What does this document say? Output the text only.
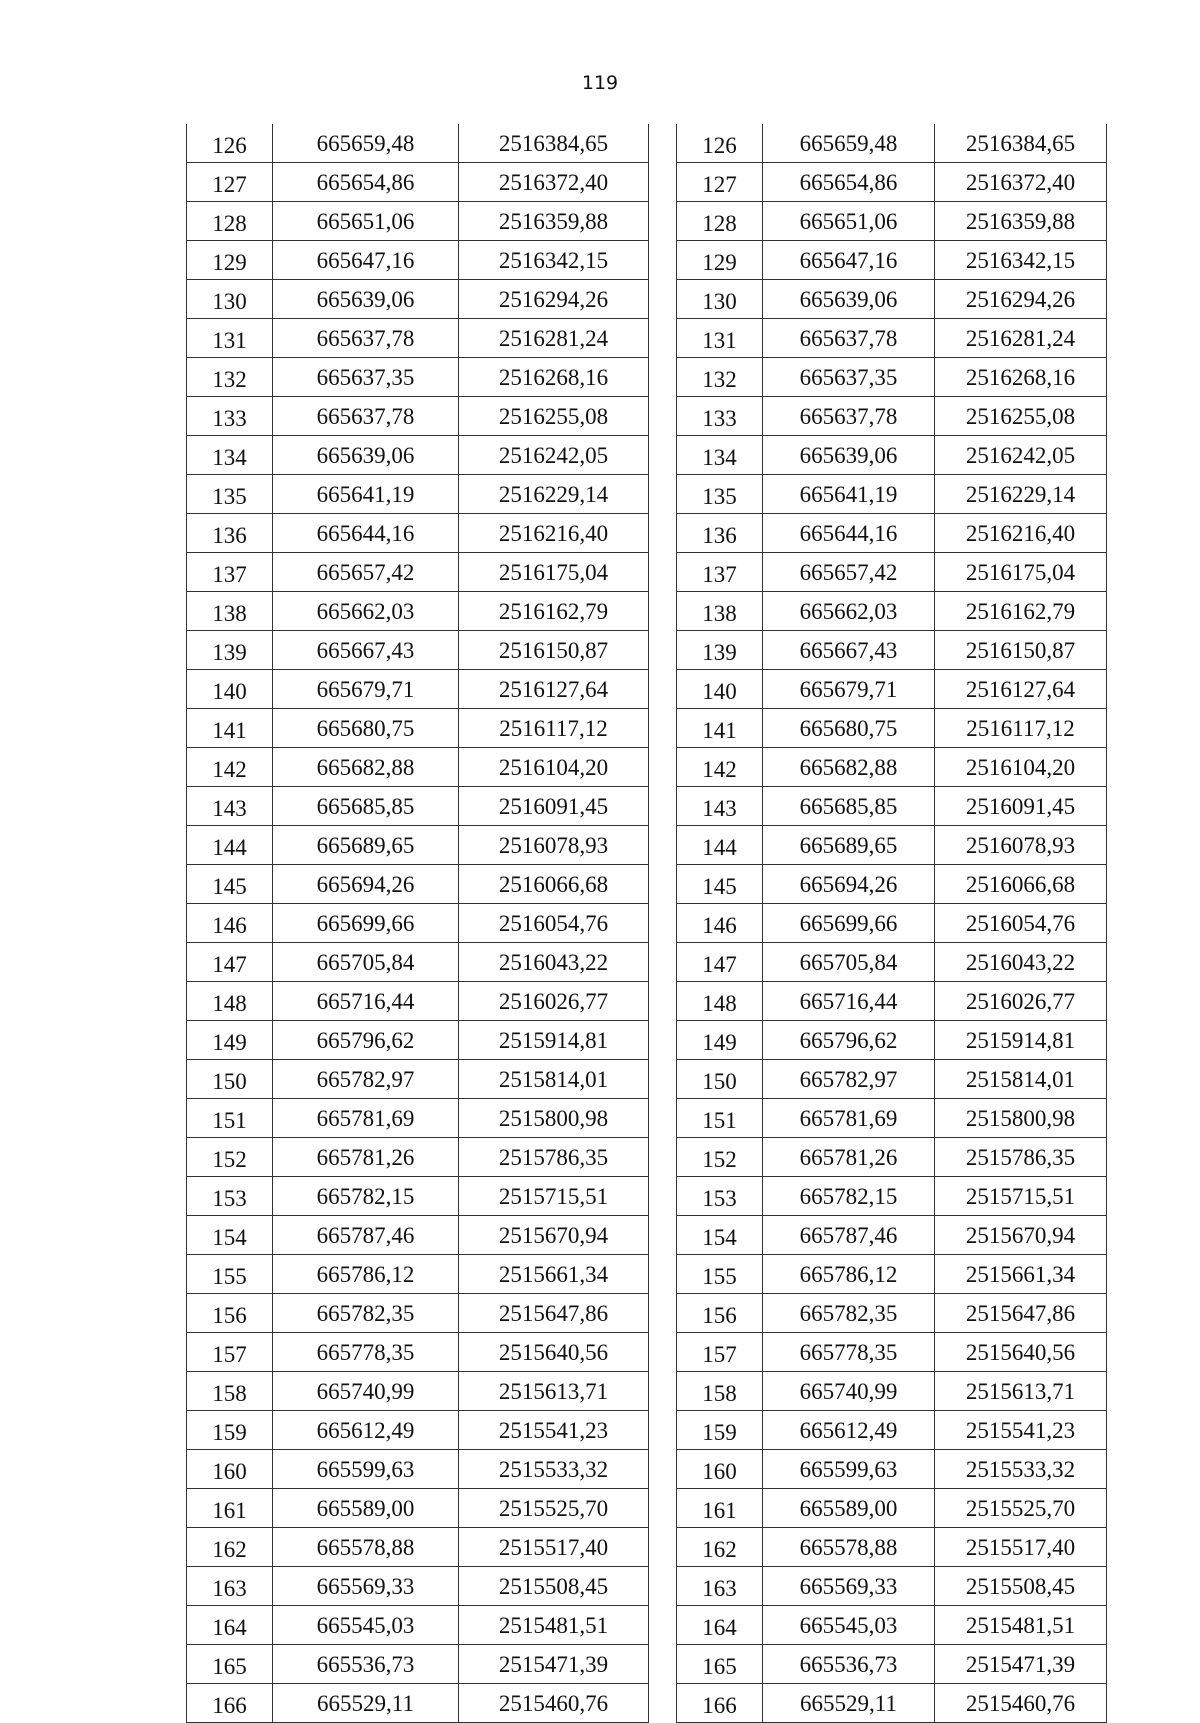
119
126	665659,48	2516384,65
127	665654,86	2516372,40
128	665651,06	2516359,88
129	665647,16	2516342,15
130	665639,06	2516294,26
131	665637,78	2516281,24
132	665637,35	2516268,16
133	665637,78	2516255,08
134	665639,06	2516242,05
135	665641,19	2516229,14
136	665644,16	2516216,40
137	665657,42	2516175,04
138	665662,03	2516162,79
139	665667,43	2516150,87
140	665679,71	2516127,64
141	665680,75	2516117,12
142	665682,88	2516104,20
143	665685,85	2516091,45
144	665689,65	2516078,93
145	665694,26	2516066,68
146	665699,66	2516054,76
147	665705,84	2516043,22
148	665716,44	2516026,77
149	665796,62	2515914,81
150	665782,97	2515814,01
151	665781,69	2515800,98
152	665781,26	2515786,35
153	665782,15	2515715,51
154	665787,46	2515670,94
155	665786,12	2515661,34
156	665782,35	2515647,86
157	665778,35	2515640,56
158	665740,99	2515613,71
159	665612,49	2515541,23
160	665599,63	2515533,32
161	665589,00	2515525,70
162	665578,88	2515517,40
163	665569,33	2515508,45
164	665545,03	2515481,51
165	665536,73	2515471,39
166	665529,11	2515460,76
126	665659,48	2516384,65
127	665654,86	2516372,40
128	665651,06	2516359,88
129	665647,16	2516342,15
130	665639,06	2516294,26
131	665637,78	2516281,24
132	665637,35	2516268,16
133	665637,78	2516255,08
134	665639,06	2516242,05
135	665641,19	2516229,14
136	665644,16	2516216,40
137	665657,42	2516175,04
138	665662,03	2516162,79
139	665667,43	2516150,87
140	665679,71	2516127,64
141	665680,75	2516117,12
142	665682,88	2516104,20
143	665685,85	2516091,45
144	665689,65	2516078,93
145	665694,26	2516066,68
146	665699,66	2516054,76
147	665705,84	2516043,22
148	665716,44	2516026,77
149	665796,62	2515914,81
150	665782,97	2515814,01
151	665781,69	2515800,98
152	665781,26	2515786,35
153	665782,15	2515715,51
154	665787,46	2515670,94
155	665786,12	2515661,34
156	665782,35	2515647,86
157	665778,35	2515640,56
158	665740,99	2515613,71
159	665612,49	2515541,23
160	665599,63	2515533,32
161	665589,00	2515525,70
162	665578,88	2515517,40
163	665569,33	2515508,45
164	665545,03	2515481,51
165	665536,73	2515471,39
166	665529,11	2515460,76
